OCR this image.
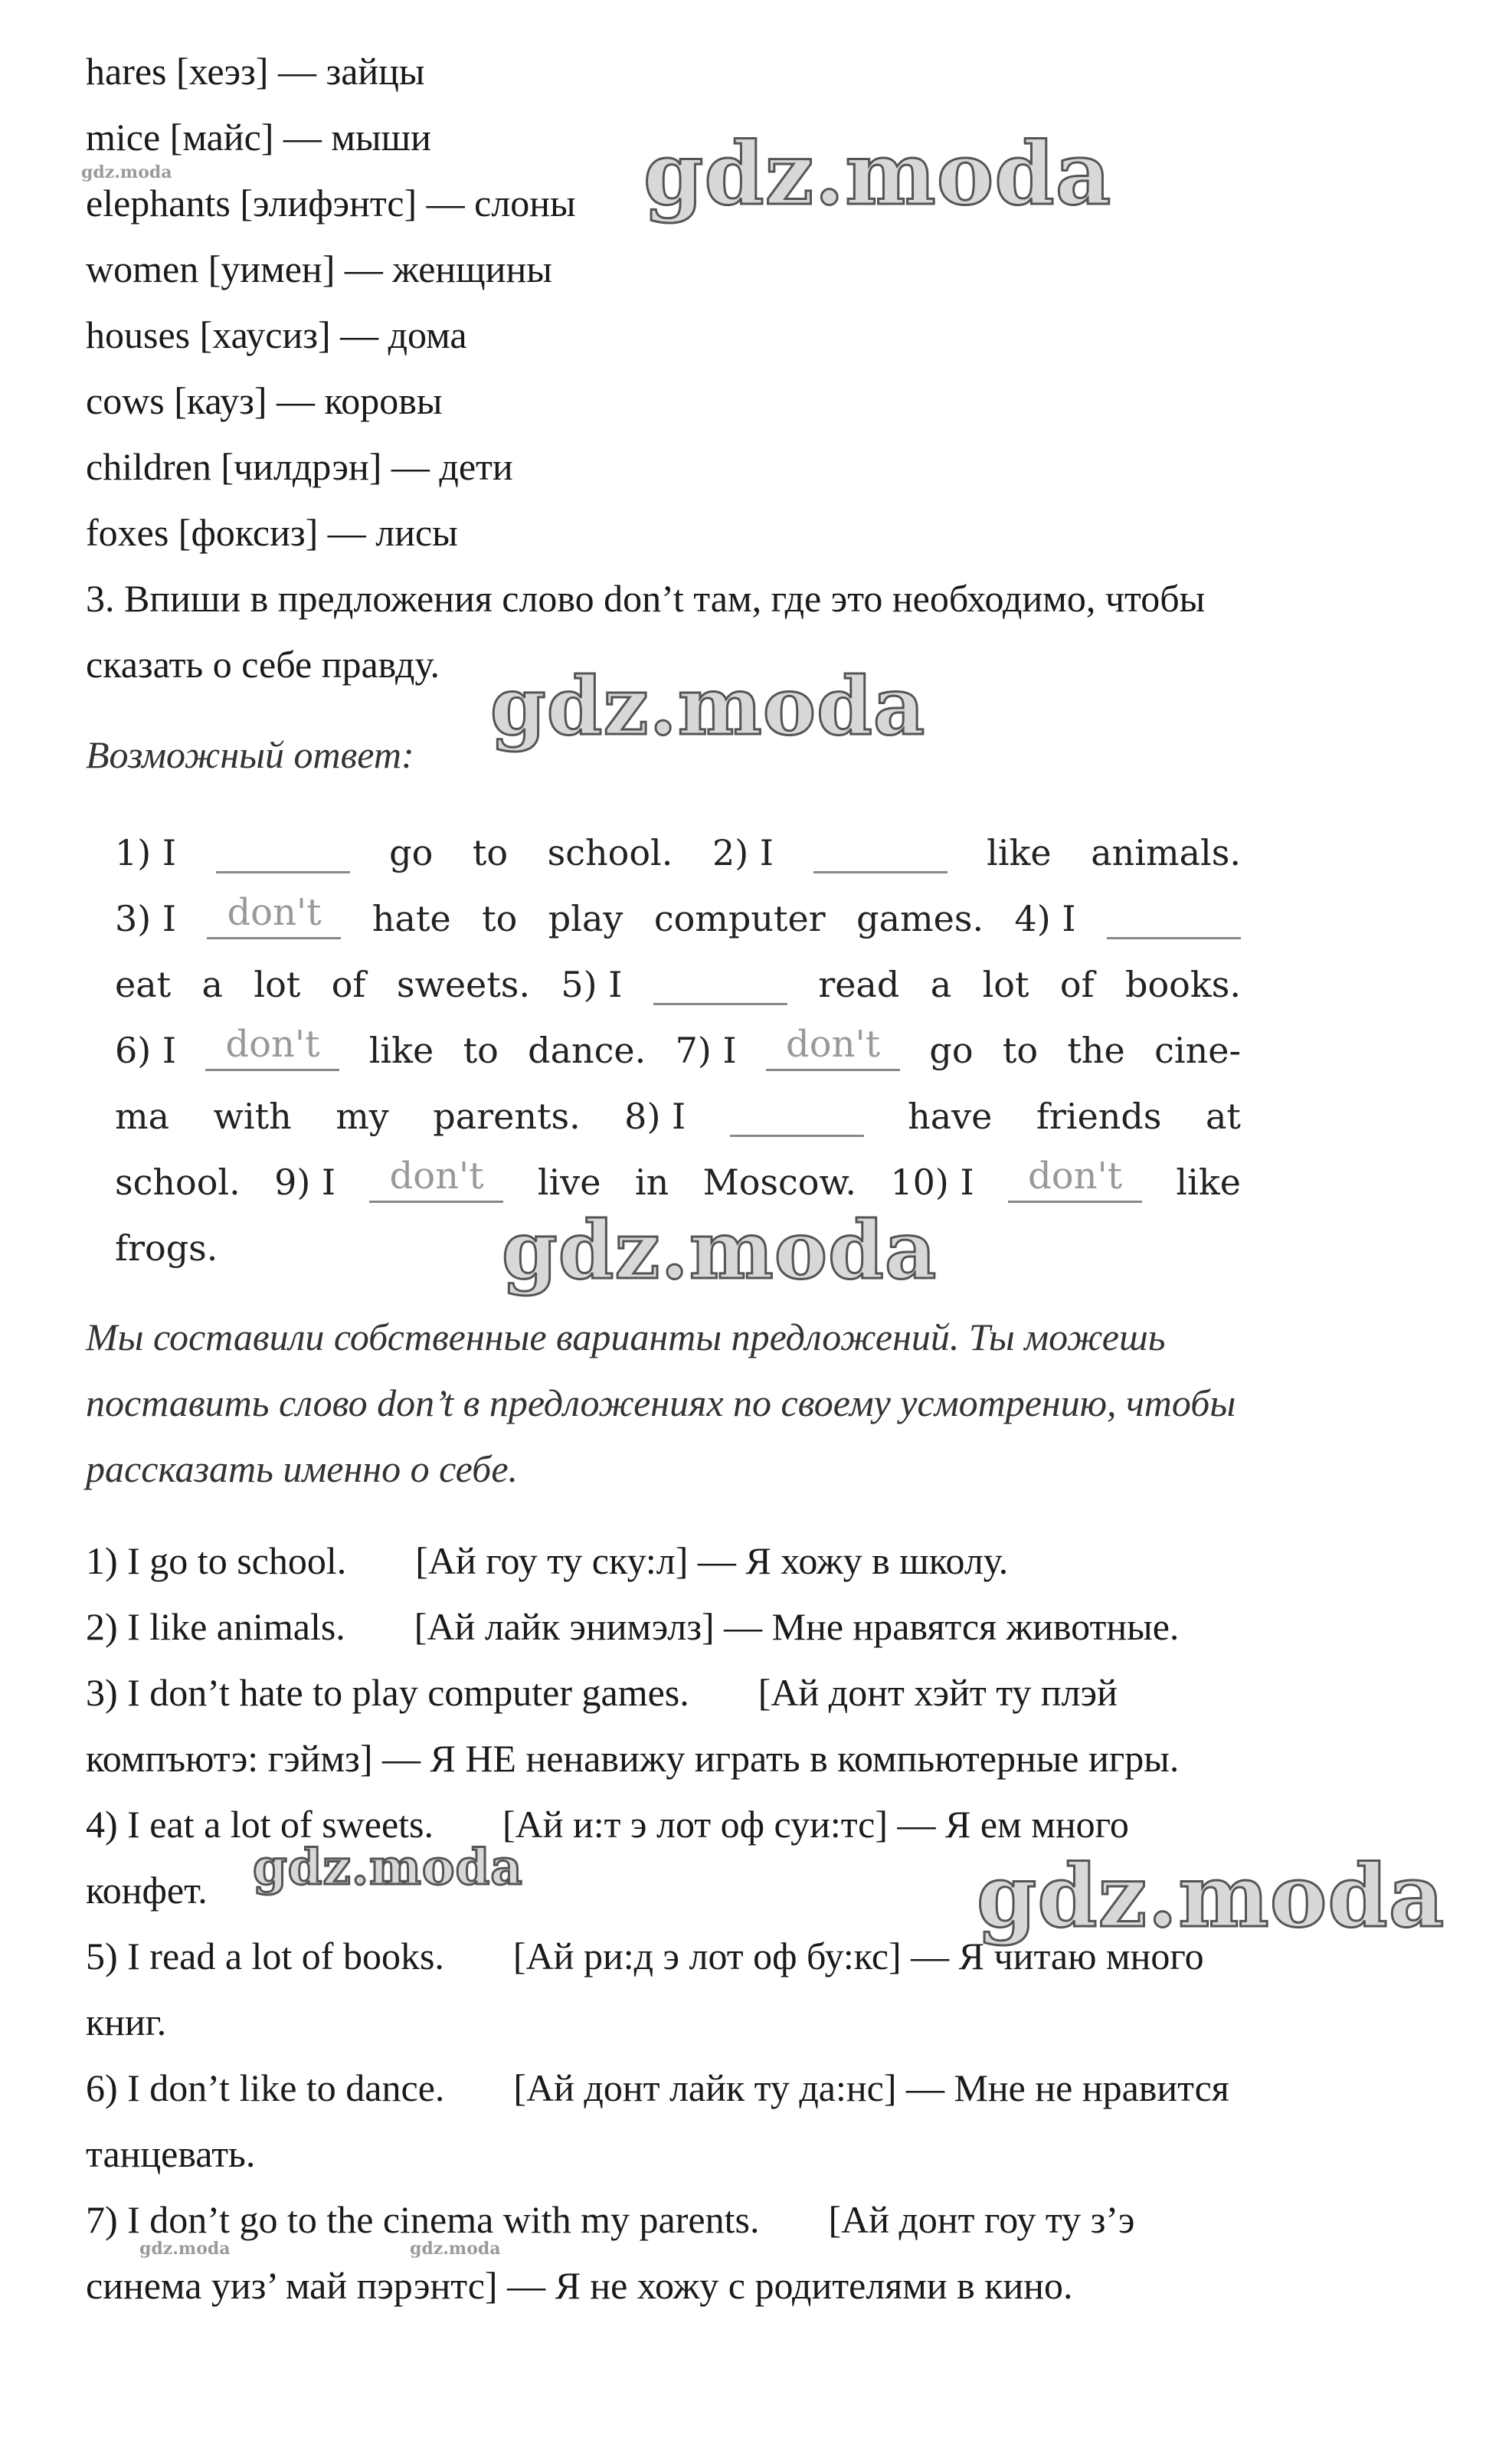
hares [хеэз] — зайцы
mice [майс] — мыши
elephants [элифэнтс] — слоны
women [уимен] — женщины
houses [хаусиз] — дома
cows [кауз] — коровы
children [чилдрэн] — дети
foxes [фоксиз] — лисы
3. Впиши в предложения слово don’t там, где это необходимо, чтобы
сказать о себе правду.
Возможный ответ:
1) I	go to school. 2) I	like animals.
3) I	don't	hate to play computer games. 4) I
eat a lot of sweets. 5) I	read a lot of books.
6) I	don't	like to dance. 7) I	don't	go to the cine-
ma with my parents. 8) I	have friends at
school. 9) I	don't	live in Moscow. 10) I	don't	like
frogs.
Мы составили собственные варианты предложений. Ты можешь
поставить слово don’t в предложениях по своему усмотрению, чтобы
рассказать именно о себе.
1) I go to school. [Ай гоу ту ску:л] — Я хожу в школу.
2) I like animals. [Ай лайк энимэлз] — Мне нравятся животные.
3) I don’t hate to play computer games. [Ай донт хэйт ту плэй
компъютэ: гэймз] — Я НЕ ненавижу играть в компьютерные игры.
4) I eat a lot of sweets. [Ай и:т э лот оф суи:тс] — Я ем много
конфет.
5) I read a lot of books. [Ай ри:д э лот оф бу:кс] — Я читаю много
книг.
6) I don’t like to dance. [Ай донт лайк ту да:нс] — Мне не нравится
танцевать.
7) I don’t go to the cinema with my parents. [Ай донт гоу ту з’э
синема уиз’ май пэрэнтс] — Я не хожу с родителями в кино.
gdz.moda	gdz.moda
gdz.moda
gdz.moda
gdz.moda	gdz.moda
gdz.moda	gdz.moda
